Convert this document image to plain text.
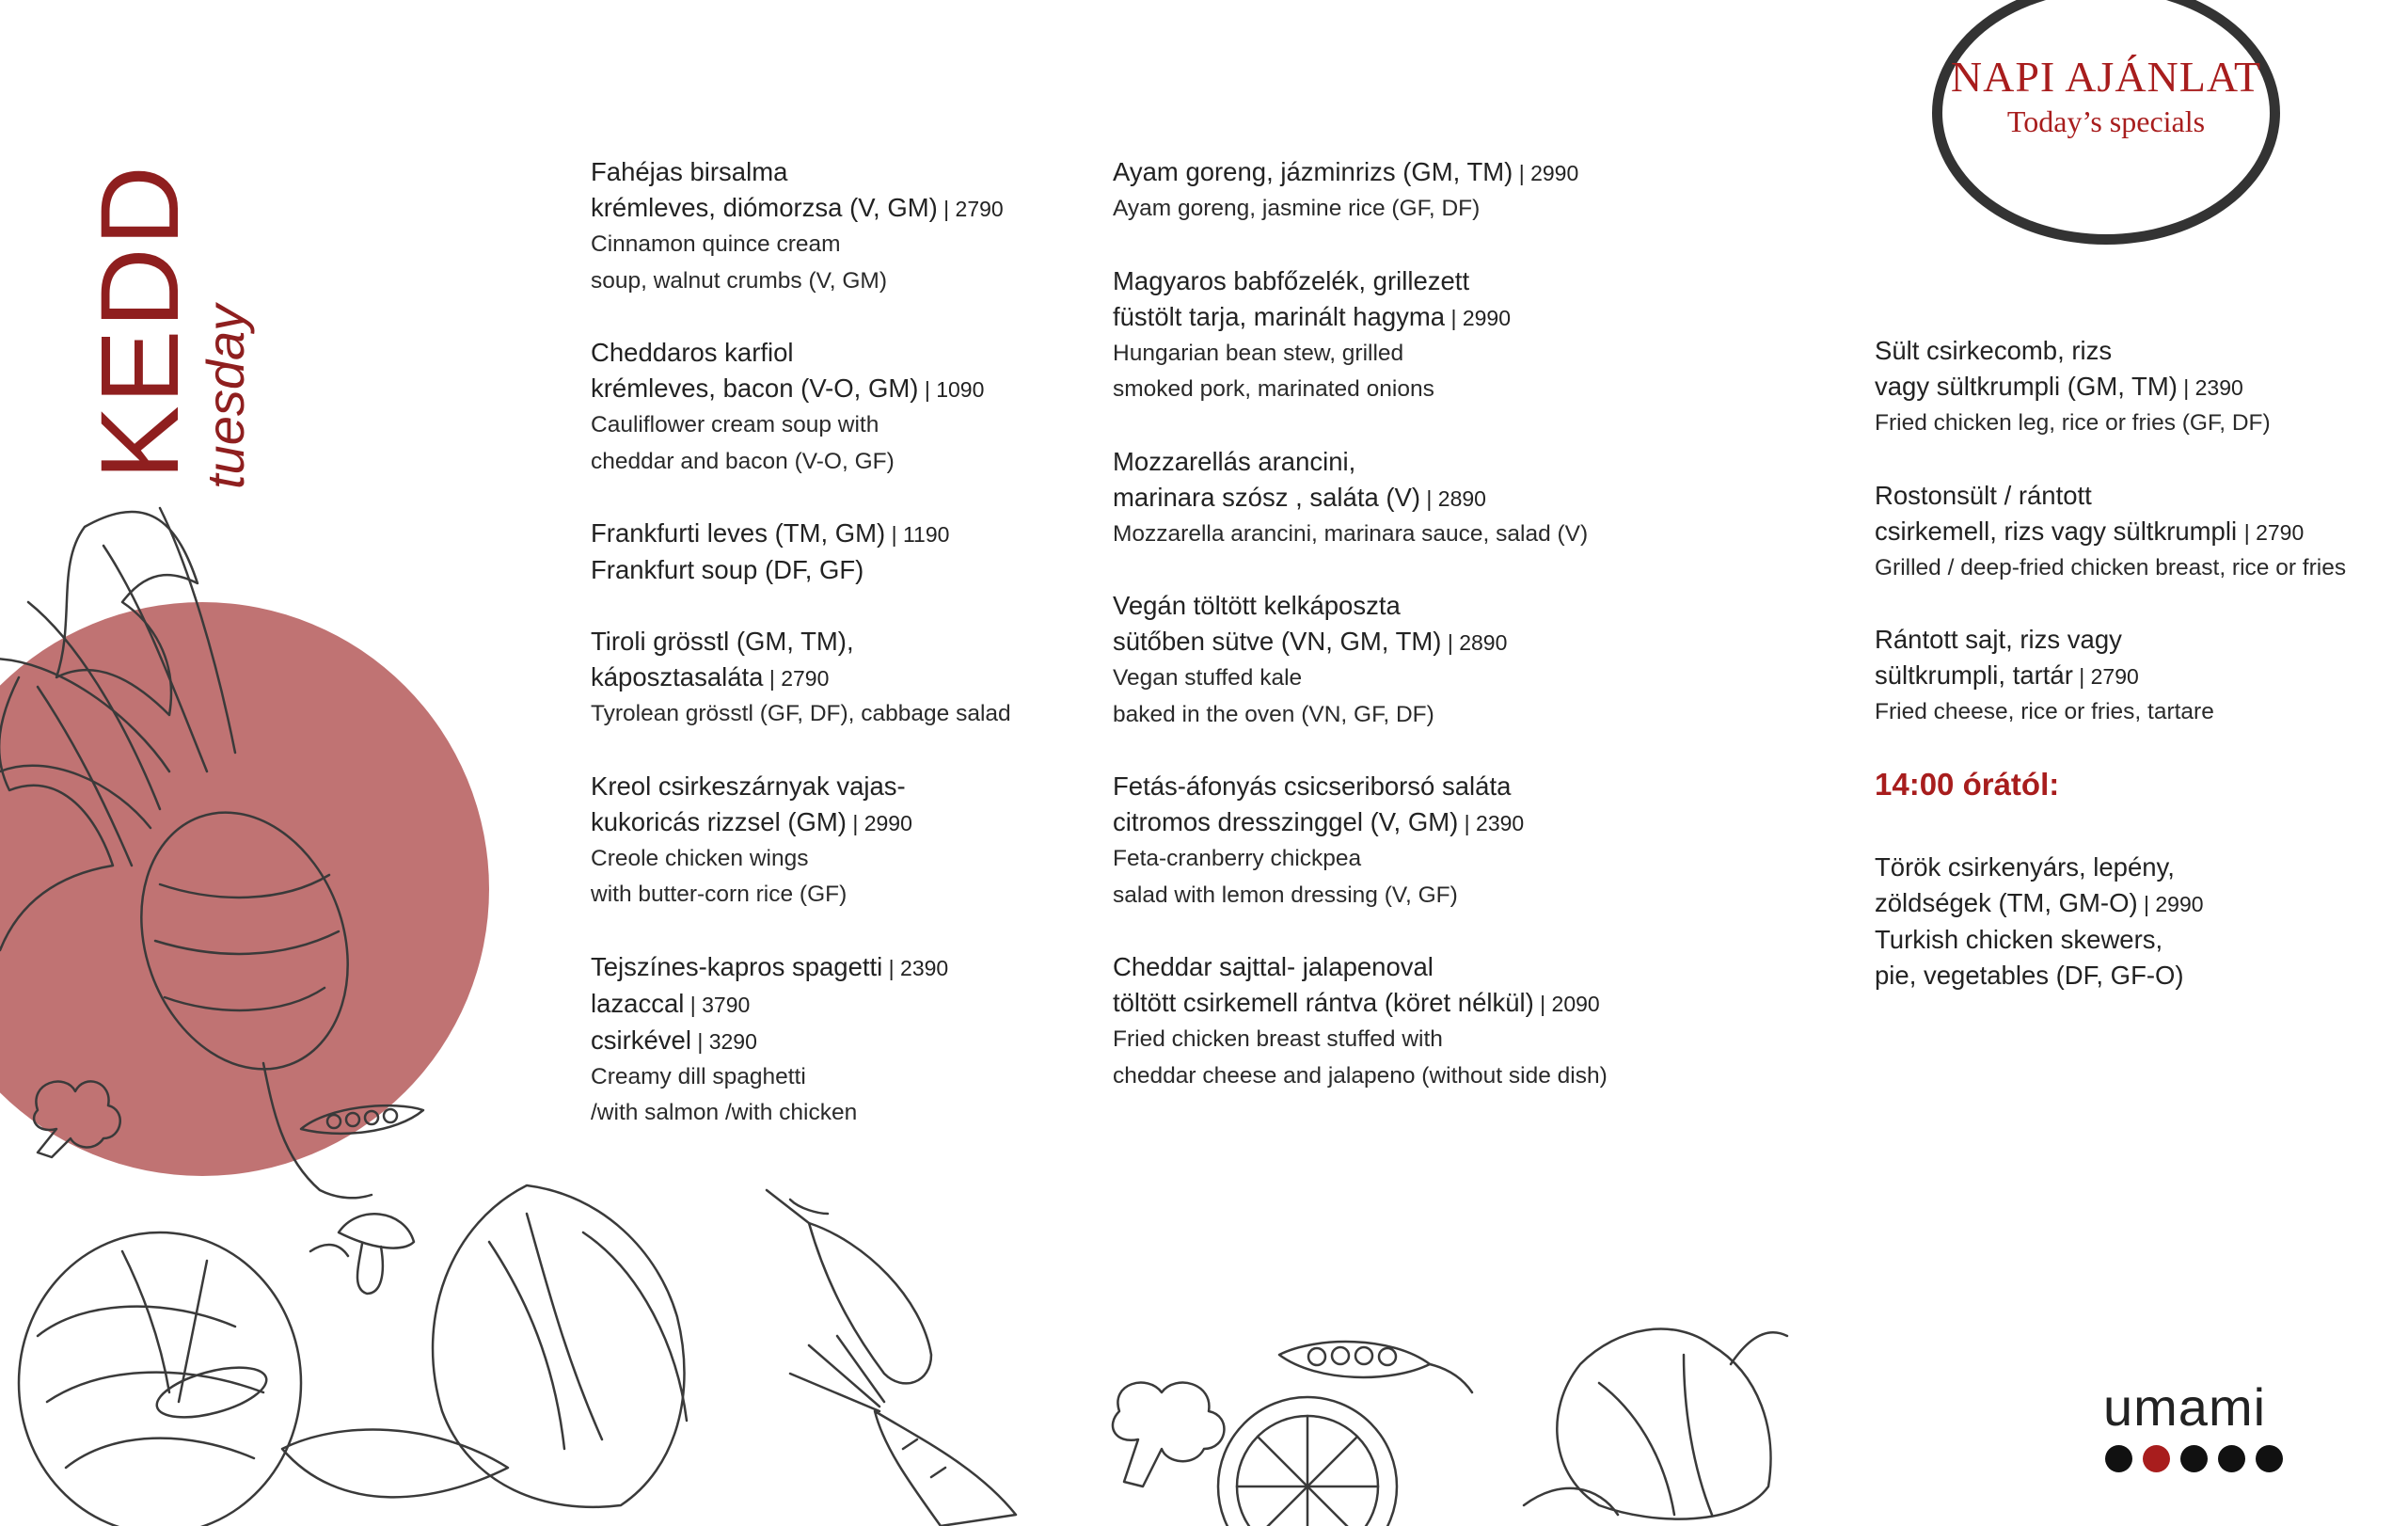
NAPI AJÁNLAT
Today’s specials
KEDD
tuesday
Fahéjas birsalma
krémleves, diómorzsa (V, GM) | 2790
Cinnamon quince cream
soup, walnut crumbs (V, GM)
Cheddaros karfiol
krémleves, bacon (V-O, GM) | 1090
Cauliflower cream soup with
cheddar and bacon (V-O, GF)
Frankfurti leves (TM, GM) | 1190
Frankfurt soup (DF, GF)
Tiroli grösstl (GM, TM),
káposztasaláta | 2790
Tyrolean grösstl (GF, DF), cabbage salad
Kreol csirkeszárnyak vajas-
kukoricás rizzsel (GM) | 2990
Creole chicken wings
with butter-corn rice (GF)
Tejszínes-kapros spagetti | 2390
lazaccal | 3790
csirkével | 3290
Creamy dill spaghetti
/with salmon /with chicken
Ayam goreng, jázminrizs (GM, TM) | 2990
Ayam goreng, jasmine rice (GF, DF)
Magyaros babfőzelék, grillezett
füstölt tarja, marinált hagyma | 2990
Hungarian bean stew, grilled
smoked pork, marinated onions
Mozzarellás arancini,
marinara szósz , saláta (V) | 2890
Mozzarella arancini, marinara sauce, salad (V)
Vegán töltött kelkáposzta
sütőben sütve (VN, GM, TM) | 2890
Vegan stuffed kale
baked in the oven (VN, GF, DF)
Fetás-áfonyás csicseriborsó saláta
citromos dresszinggel (V, GM) | 2390
Feta-cranberry chickpea
salad with lemon dressing (V, GF)
Cheddar sajttal- jalapenoval
töltött csirkemell rántva (köret nélkül) | 2090
Fried chicken breast stuffed with
cheddar cheese and jalapeno (without side dish)
Sült csirkecomb, rizs
vagy sültkrumpli (GM, TM) | 2390
Fried chicken leg, rice or fries (GF, DF)
Rostonsült / rántott
csirkemell, rizs vagy sültkrumpli | 2790
Grilled / deep-fried chicken breast, rice or fries
Rántott sajt, rizs vagy
sültkrumpli, tartár | 2790
Fried cheese, rice or fries, tartare
14:00 órától:
Török csirkenyárs, lepény,
zöldségek (TM, GM-O) | 2990
Turkish chicken skewers,
pie, vegetables (DF, GF-O)
umami
